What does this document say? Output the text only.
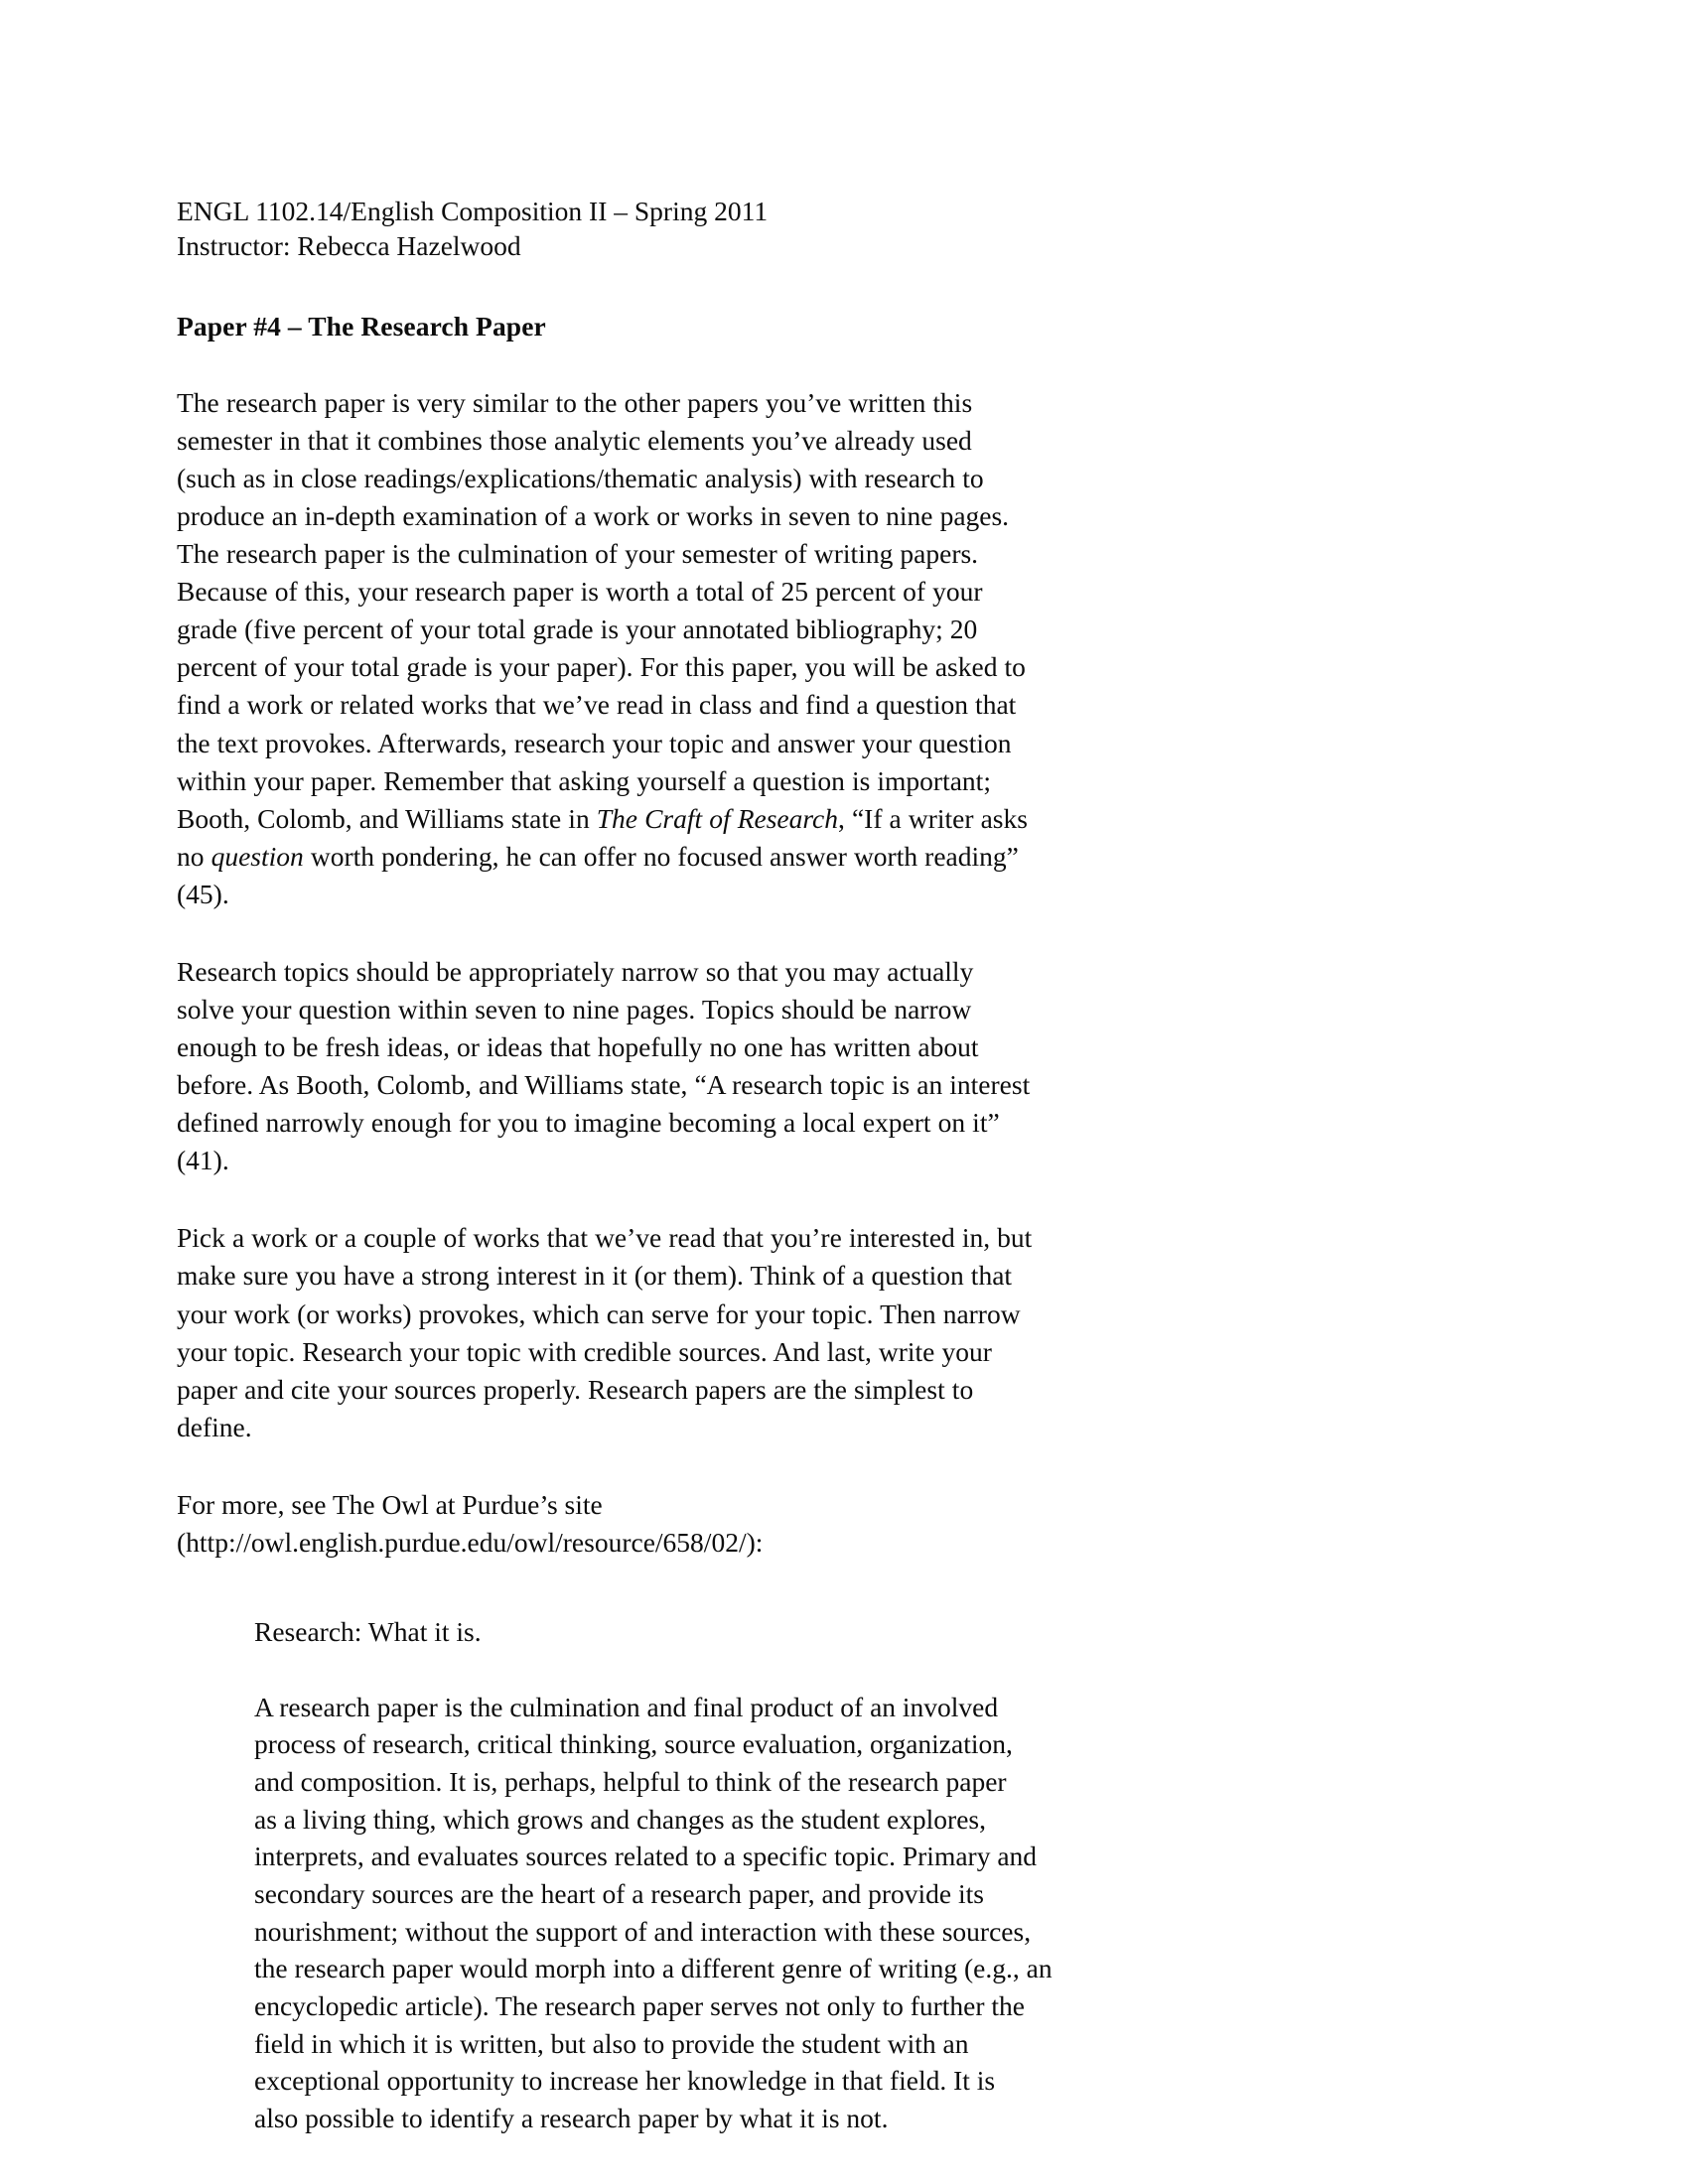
ENGL 1102.14/English Composition II – Spring 2011
Instructor: Rebecca Hazelwood
Paper #4 – The Research Paper

The research paper is very similar to the other papers you’ve written this semester in that it combines those analytic elements you’ve already used (such as in close readings/explications/thematic analysis) with research to produce an in-depth examination of a work or works in seven to nine pages. The research paper is the culmination of your semester of writing papers. Because of this, your research paper is worth a total of 25 percent of your grade (five percent of your total grade is your annotated bibliography; 20 percent of your total grade is your paper). For this paper, you will be asked to find a work or related works that we’ve read in class and find a question that the text provokes. Afterwards, research your topic and answer your question within your paper. Remember that asking yourself a question is important; Booth, Colomb, and Williams state in The Craft of Research, “If a writer asks no question worth pondering, he can offer no focused answer worth reading” (45).

Research topics should be appropriately narrow so that you may actually solve your question within seven to nine pages. Topics should be narrow enough to be fresh ideas, or ideas that hopefully no one has written about before. As Booth, Colomb, and Williams state, “A research topic is an interest defined narrowly enough for you to imagine becoming a local expert on it” (41).

Pick a work or a couple of works that we’ve read that you’re interested in, but make sure you have a strong interest in it (or them). Think of a question that your work (or works) provokes, which can serve for your topic. Then narrow your topic. Research your topic with credible sources. And last, write your paper and cite your sources properly. Research papers are the simplest to define.

For more, see The Owl at Purdue’s site
(http://owl.english.purdue.edu/owl/resource/658/02/):

Research: What it is.

A research paper is the culmination and final product of an involved

process of research, critical thinking, source evaluation, organization,

and composition. It is, perhaps, helpful to think of the research paper

as a living thing, which grows and changes as the student explores,

interprets, and evaluates sources related to a specific topic. Primary and

secondary sources are the heart of a research paper, and provide its

nourishment; without the support of and interaction with these sources,

the research paper would morph into a different genre of writing (e.g., an

encyclopedic article). The research paper serves not only to further the

field in which it is written, but also to provide the student with an

exceptional opportunity to increase her knowledge in that field. It is

also possible to identify a research paper by what it is not.
